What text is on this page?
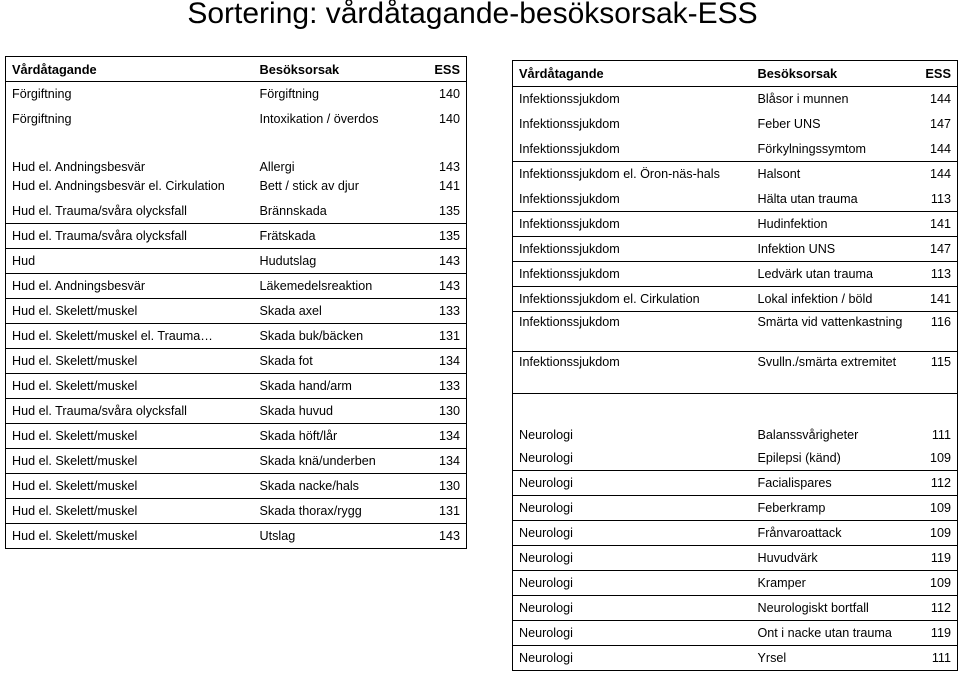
Sortering: vårdåtagande-besöksorsak-ESS
Vårdåtagande	Besöksorsak	ESS
Förgiftning	Förgiftning	140
Förgiftning	Intoxikation / överdos	140
Hud el. Andningsbesvär	Allergi	143
Hud el. Andningsbesvär el. Cirkulation	Bett / stick av djur	141
Hud el. Trauma/svåra olycksfall	Brännskada	135
Hud el. Trauma/svåra olycksfall	Frätskada	135
Hud	Hudutslag	143
Hud el. Andningsbesvär	Läkemedelsreaktion	143
Hud el. Skelett/muskel	Skada axel	133
Hud el. Skelett/muskel el. Trauma…	Skada buk/bäcken	131
Hud el. Skelett/muskel	Skada fot	134
Hud el. Skelett/muskel	Skada hand/arm	133
Hud el. Trauma/svåra olycksfall	Skada huvud	130
Hud el. Skelett/muskel	Skada höft/lår	134
Hud el. Skelett/muskel	Skada knä/underben	134
Hud el. Skelett/muskel	Skada nacke/hals	130
Hud el. Skelett/muskel	Skada thorax/rygg	131
Hud el. Skelett/muskel	Utslag	143
Vårdåtagande	Besöksorsak	ESS
Infektionssjukdom	Blåsor i munnen	144
Infektionssjukdom	Feber UNS	147
Infektionssjukdom	Förkylningssymtom	144
Infektionssjukdom el. Öron-näs-hals	Halsont	144
Infektionssjukdom	Hälta utan trauma	113
Infektionssjukdom	Hudinfektion	141
Infektionssjukdom	Infektion UNS	147
Infektionssjukdom	Ledvärk utan trauma	113
Infektionssjukdom el. Cirkulation	Lokal infektion / böld	141
Infektionssjukdom	Smärta vid vattenkastning	116
Infektionssjukdom	Svulln./smärta extremitet	115
Neurologi	Balanssvårigheter	111
Neurologi	Epilepsi (känd)	109
Neurologi	Facialispares	112
Neurologi	Feberkramp	109
Neurologi	Frånvaroattack	109
Neurologi	Huvudvärk	119
Neurologi	Kramper	109
Neurologi	Neurologiskt bortfall	112
Neurologi	Ont i nacke utan trauma	119
Neurologi	Yrsel	111
